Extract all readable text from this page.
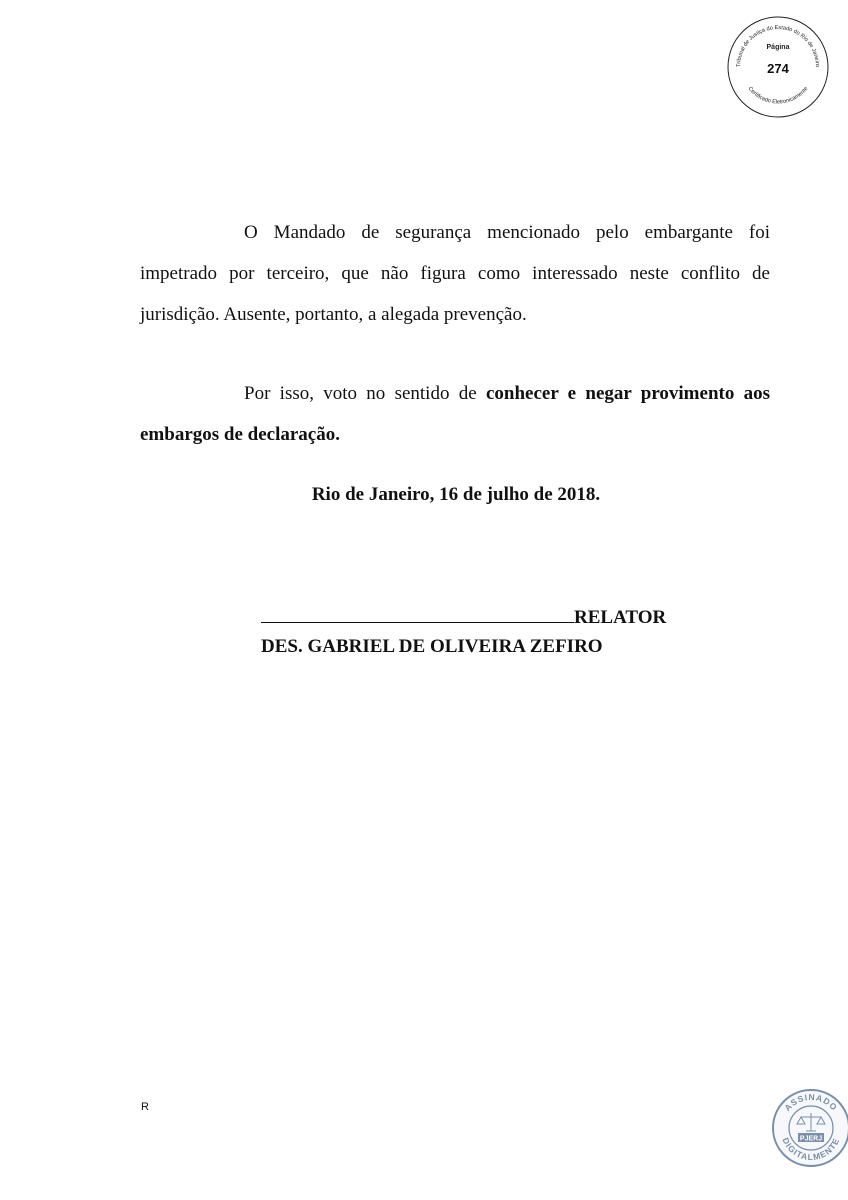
Tribunal de Justiça do Estado do Rio de Janeiro
Certificado Eletronicamente
Página
274

O Mandado de segurança mencionado pelo embargante foi impetrado por terceiro, que não figura como interessado neste conflito de jurisdição. Ausente, portanto, a alegada prevenção.

Por isso, voto no sentido de conhecer e negar provimento aos embargos de declaração.

Rio de Janeiro, 16 de julho de 2018.

RELATOR

DES. GABRIEL DE OLIVEIRA ZEFIRO

R	ASSINADO
DIGITALMENTE
PJERJ
